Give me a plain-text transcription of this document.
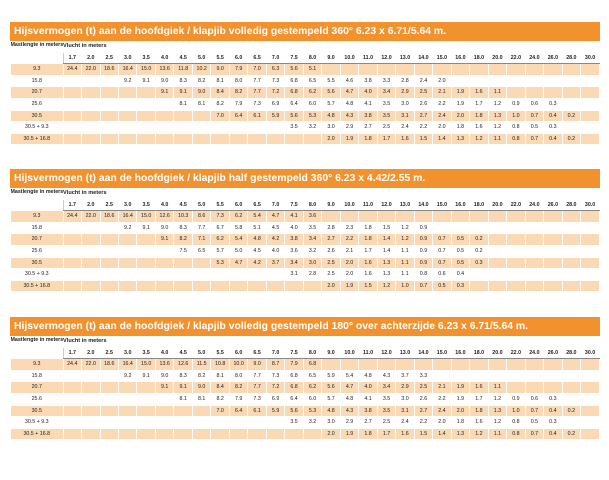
Hijsvermogen (t) aan de hoofdgiek / klapjib volledig gestempeld 360° 6.23 x 6.71/5.64 m.
Mastlengte in meters	Vlucht in meters																												
	1.7	2.0	2.5	3.0	3.5	4.0	4.5	5.0	5.5	6.0	6.5	7.0	7.5	8.0	9.0	10.0	11.0	12.0	13.0	14.0	15.0	16.0	18.0	20.0	22.0	24.0	26.0	28.0	30.0
9.3	24.4	22.0	18.6	16.4	15.0	13.6	11.8	10.2	9.0	7.9	7.0	6.3	5.6	5.1															
15.8				9.2	9.1	9.0	8.3	8.2	8.1	8.0	7.7	7.3	6.8	6.5	5.5	4.6	3.8	3.3	2.8	2.4	2.0								
20.7						9.1	9.1	9.0	8.4	8.2	7.7	7.2	6.8	6.2	5.6	4.7	4.0	3.4	2.9	2.5	2.1	1.9	1.6	1.1					
25.6							8.1	8.1	8.2	7.9	7.3	6.9	6.4	6.0	5.7	4.8	4.1	3.5	3.0	2.6	2.2	1.9	1.7	1.2	0.9	0.6	0.3		
30.5									7.0	6.4	6.1	5.9	5.6	5.3	4.8	4.3	3.8	3.5	3.1	2.7	2.4	2.0	1.8	1.3	1.0	0.7	0.4	0.2	
30.5 + 9.3													3.5	3.2	3.0	2.9	2.7	2.5	2.4	2.2	2.0	1.8	1.6	1.2	0.8	0.5	0.3		
30.5 + 16.8															2.0	1.9	1.8	1.7	1.6	1.5	1.4	1.3	1.2	1.1	0.8	0.7	0.4	0.2	
Hijsvermogen (t) aan de hoofdgiek / klapjib half gestempeld 360° 6.23 x 4.42/2.55 m.
Mastlengte in meters	Vlucht in meters																												
	1.7	2.0	2.5	3.0	3.5	4.0	4.5	5.0	5.5	6.0	6.5	7.0	7.5	8.0	9.0	10.0	11.0	12.0	13.0	14.0	15.0	16.0	18.0	20.0	22.0	24.0	26.0	28.0	30.0
9.3	24.4	22.0	18.6	16.4	15.0	12.6	10.3	8.6	7.3	6.2	5.4	4.7	4.1	3.6															
15.8				9.2	9.1	9.0	8.3	7.7	6.7	5.8	5.1	4.5	4.0	3.5	2.8	2.3	1.8	1.5	1.2	0.9									
20.7						9.1	8.2	7.1	6.2	5.4	4.8	4.2	3.8	3.4	2.7	2.2	1.8	1.4	1.2	0.9	0.7	0.5	0.2						
25.6							7.5	6.5	5.7	5.0	4.5	4.0	3.6	3.2	2.6	2.1	1.7	1.4	1.1	0.9	0.7	0.5	0.2						
30.5									5.3	4.7	4.2	3.7	3.4	3.0	2.5	2.0	1.6	1.3	1.1	0.9	0.7	0.5	0.3						
30.5 + 9.3													3.1	2.8	2.5	2.0	1.6	1.3	1.1	0.8	0.6	0.4							
30.5 + 16.8															2.0	1.9	1.5	1.2	1.0	0.7	0.5	0.3							
Hijsvermogen (t) aan de hoofdgiek / klapjib volledig gestempeld 180° over achterzijde 6.23 x 6.71/5.64 m.
Mastlengte in meters	Vlucht in meters																												
	1.7	2.0	2.5	3.0	3.5	4.0	4.5	5.0	5.5	6.0	6.5	7.0	7.5	8.0	9.0	10.0	11.0	12.0	13.0	14.0	15.0	16.0	18.0	20.0	22.0	24.0	26.0	28.0	30.0
9.3	24.4	22.0	18.6	16.4	15.0	13.6	12.6	11.5	10.8	10.0	9.0	8.7	7.9	6.8															
15.8				9.2	9.1	9.0	8.3	8.2	8.1	8.0	7.7	7.3	6.8	6.5	5.9	5.4	4.8	4.3	3.7	3.3									
20.7						9.1	9.1	9.0	8.4	8.2	7.7	7.2	6.8	6.2	5.6	4.7	4.0	3.4	2.9	2.5	2.1	1.9	1.6	1.1					
25.6							8.1	8.1	8.2	7.9	7.3	6.9	6.4	6.0	5.7	4.8	4.1	3.5	3.0	2.6	2.2	1.9	1.7	1.2	0.9	0.6	0.3		
30.5									7.0	6.4	6.1	5.9	5.6	5.3	4.8	4.3	3.8	3.5	3.1	2.7	2.4	2.0	1.8	1.3	1.0	0.7	0.4	0.2	
30.5 + 9.3													3.5	3.2	3.0	2.9	2.7	2.5	2.4	2.2	2.0	1.8	1.6	1.2	0.8	0.5	0.3		
30.5 + 16.8															2.0	1.9	1.8	1.7	1.6	1.5	1.4	1.3	1.2	1.1	0.8	0.7	0.4	0.2	
